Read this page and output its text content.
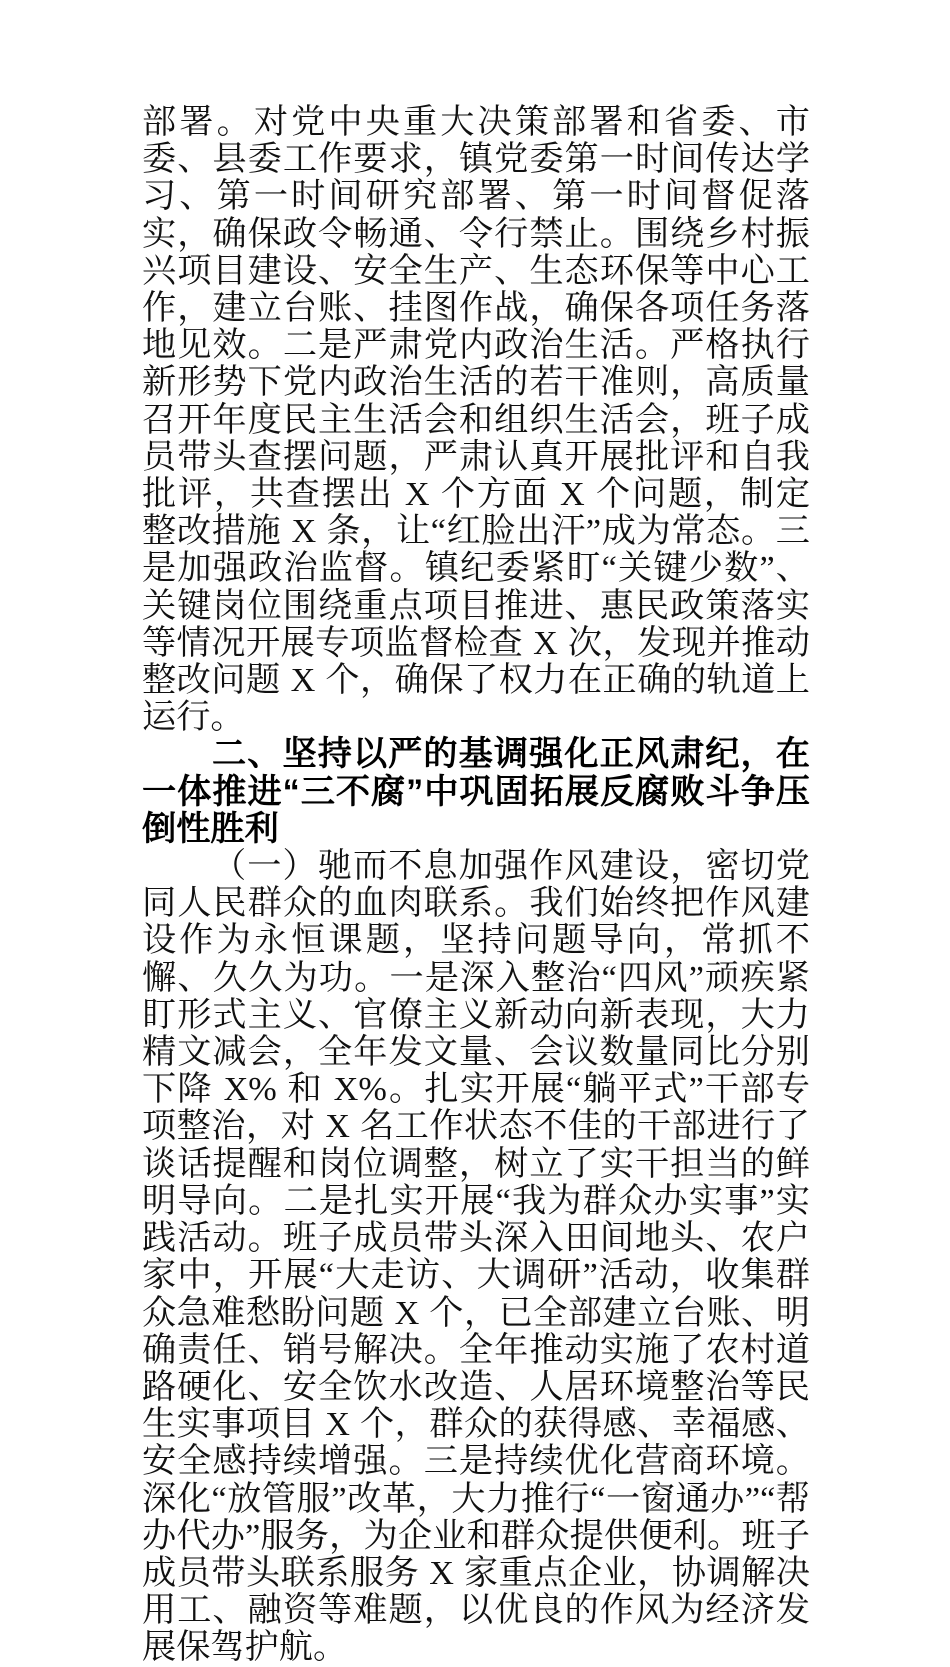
部署。对党中央重大决策部署和省委、市委、县委工作要求，镇党委第一时间传达学习、第一时间研究部署、第一时间督促落实，确保政令畅通、令行禁止。围绕乡村振兴项目建设、安全生产、生态环保等中心工作，建立台账、挂图作战，确保各项任务落地见效。二是严肃党内政治生活。严格执行新形势下党内政治生活的若干准则，高质量召开年度民主生活会和组织生活会，班子成员带头查摆问题，严肃认真开展批评和自我批评，共查摆出 X 个方面 X 个问题，制定整改措施 X 条，让“红脸出汗”成为常态。三是加强政治监督。镇纪委紧盯“关键少数”、关键岗位围绕重点项目推进、惠民政策落实等情况开展专项监督检查 X 次，发现并推动整改问题 X 个，确保了权力在正确的轨道上运行。

二、坚持以严的基调强化正风肃纪，在一体推进“三不腐”中巩固拓展反腐败斗争压倒性胜利

（一）驰而不息加强作风建设，密切党同人民群众的血肉联系。我们始终把作风建设作为永恒课题，坚持问题导向，常抓不懈、久久为功。一是深入整治“四风”顽疾紧盯形式主义、官僚主义新动向新表现，大力精文减会，全年发文量、会议数量同比分别下降 X% 和 X%。扎实开展“躺平式”干部专项整治，对 X 名工作状态不佳的干部进行了谈话提醒和岗位调整，树立了实干担当的鲜明导向。二是扎实开展“我为群众办实事”实践活动。班子成员带头深入田间地头、农户家中，开展“大走访、大调研”活动，收集群众急难愁盼问题 X 个，已全部建立台账、明确责任、销号解决。全年推动实施了农村道路硬化、安全饮水改造、人居环境整治等民生实事项目 X 个，群众的获得感、幸福感、安全感持续增强。三是持续优化营商环境。深化“放管服”改革，大力推行“一窗通办”“帮办代办”服务，为企业和群众提供便利。班子成员带头联系服务 X 家重点企业，协调解决用工、融资等难题，以优良的作风为经济发展保驾护航。
